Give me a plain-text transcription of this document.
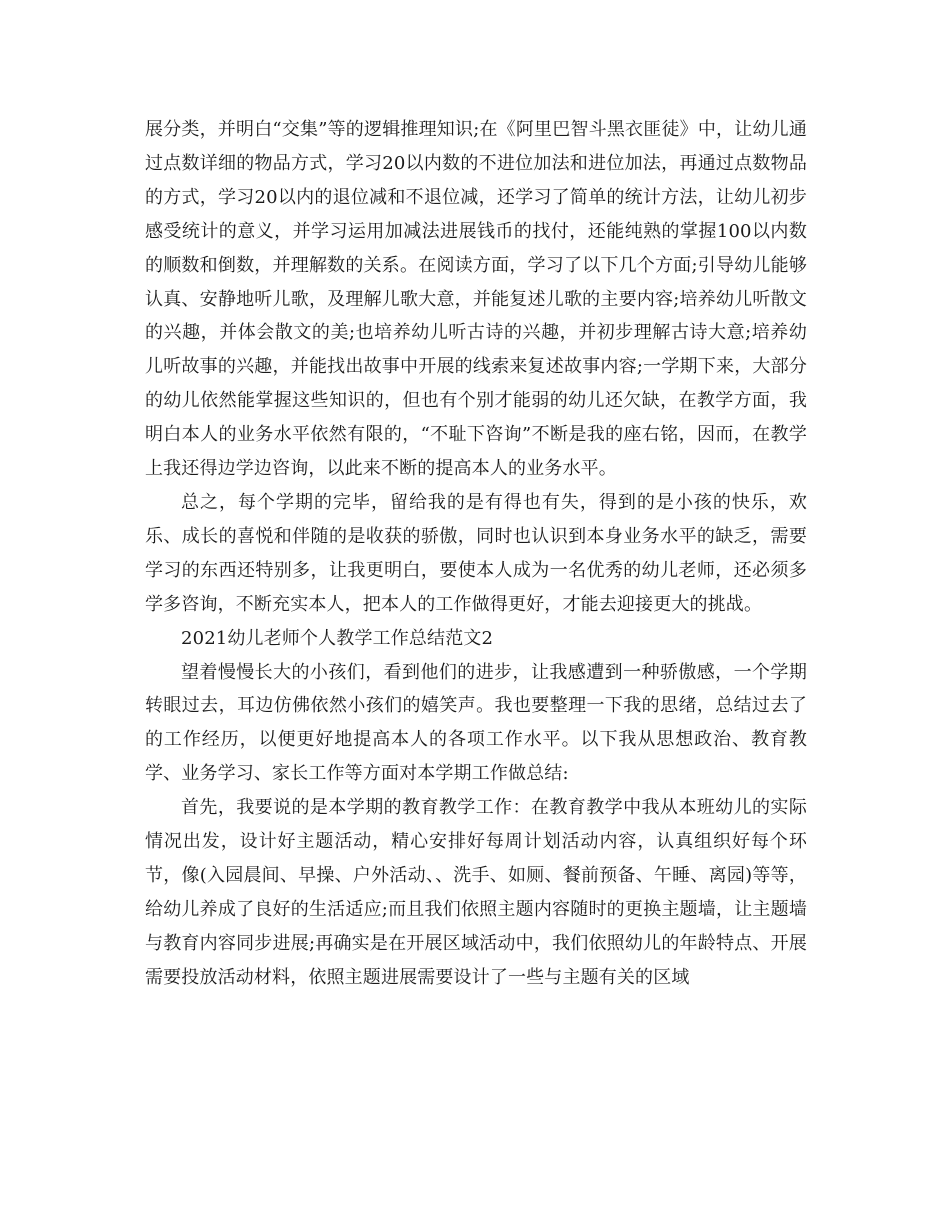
展分类，并明白“交集”等的逻辑推理知识;在《阿里巴智斗黑衣匪徒》中，让幼儿通过点数详细的物品方式，学习20以内数的不进位加法和进位加法，再通过点数物品的方式，学习20以内的退位减和不退位减，还学习了简单的统计方法，让幼儿初步感受统计的意义，并学习运用加减法进展钱币的找付，还能纯熟的掌握100以内数的顺数和倒数，并理解数的关系。在阅读方面，学习了以下几个方面;引导幼儿能够认真、安静地听儿歌，及理解儿歌大意，并能复述儿歌的主要内容;培养幼儿听散文的兴趣，并体会散文的美;也培养幼儿听古诗的兴趣，并初步理解古诗大意;培养幼儿听故事的兴趣，并能找出故事中开展的线索来复述故事内容;一学期下来，大部分的幼儿依然能掌握这些知识的，但也有个别才能弱的幼儿还欠缺，在教学方面，我明白本人的业务水平依然有限的，“不耻下咨询”不断是我的座右铭，因而，在教学上我还得边学边咨询，以此来不断的提高本人的业务水平。

总之，每个学期的完毕，留给我的是有得也有失，得到的是小孩的快乐，欢乐、成长的喜悦和伴随的是收获的骄傲，同时也认识到本身业务水平的缺乏，需要学习的东西还特别多，让我更明白，要使本人成为一名优秀的幼儿老师，还必须多学多咨询，不断充实本人，把本人的工作做得更好，才能去迎接更大的挑战。

2021幼儿老师个人教学工作总结范文2

望着慢慢长大的小孩们，看到他们的进步，让我感遭到一种骄傲感，一个学期转眼过去，耳边仿佛依然小孩们的嬉笑声。我也要整理一下我的思绪，总结过去了的工作经历，以便更好地提高本人的各项工作水平。以下我从思想政治、教育教学、业务学习、家长工作等方面对本学期工作做总结:

首先，我要说的是本学期的教育教学工作：在教育教学中我从本班幼儿的实际情况出发，设计好主题活动，精心安排好每周计划活动内容，认真组织好每个环节，像(入园晨间、早操、户外活动、、洗手、如厕、餐前预备、午睡、离园)等等，给幼儿养成了良好的生活适应;而且我们依照主题内容随时的更换主题墙，让主题墙与教育内容同步进展;再确实是在开展区域活动中，我们依照幼儿的年龄特点、开展需要投放活动材料，依照主题进展需要设计了一些与主题有关的区域
